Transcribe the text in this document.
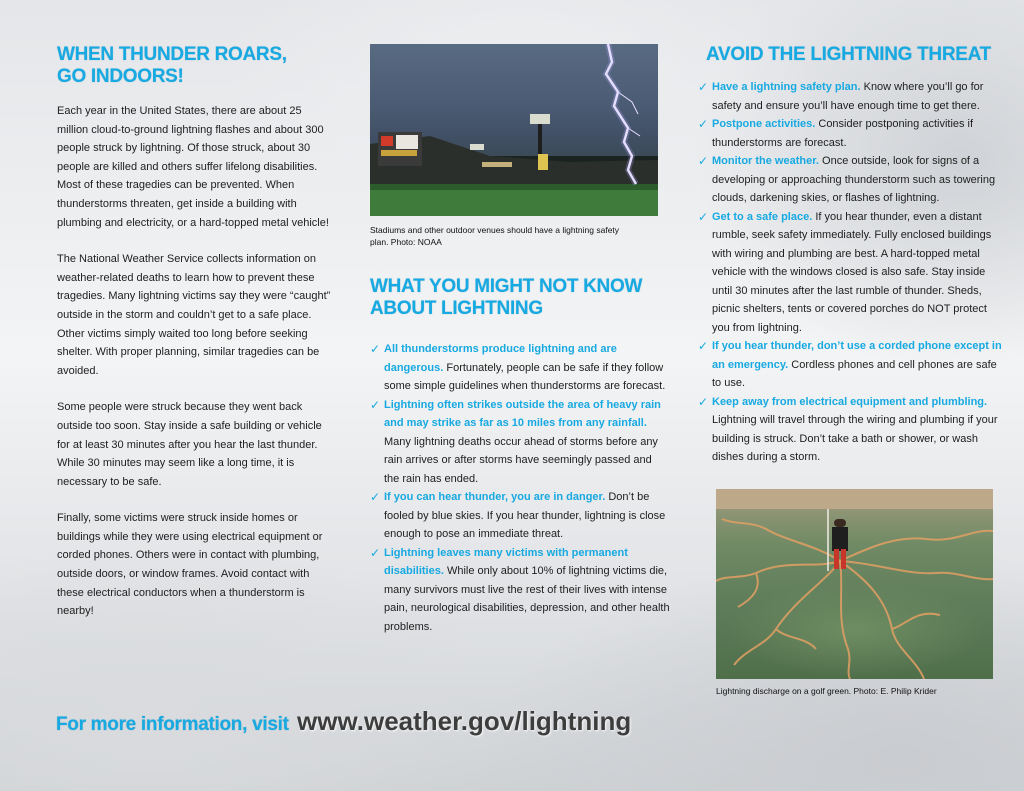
WHEN THUNDER ROARS,
GO INDOORS!

Each year in the United States, there are about 25 million cloud-to-ground lightning flashes and about 300 people struck by lightning. Of those struck, about 30 people are killed and others suffer lifelong disabilities. Most of these tragedies can be prevented. When thunderstorms threaten, get inside a building with plumbing and electricity, or a hard-topped metal vehicle!

The National Weather Service collects information on weather-related deaths to learn how to prevent these tragedies. Many lightning victims say they were “caught” outside in the storm and couldn’t get to a safe place. Other victims simply waited too long before seeking shelter. With proper planning, similar tragedies can be avoided.

Some people were struck because they went back outside too soon. Stay inside a safe building or vehicle for at least 30 minutes after you hear the last thunder. While 30 minutes may seem like a long time, it is necessary to be safe.

Finally, some victims were struck inside homes or buildings while they were using electrical equipment or corded phones. Others were in contact with plumbing, outside doors, or window frames. Avoid contact with these electrical conductors when a thunderstorm is nearby!

Stadiums and other outdoor venues should have a lightning safety plan. Photo: NOAA

WHAT YOU MIGHT NOT KNOW
ABOUT LIGHTNING
✓ All thunderstorms produce lightning and are dangerous. Fortunately, people can be safe if they follow some simple guidelines when thunderstorms are forecast.
✓ Lightning often strikes outside the area of heavy rain and may strike as far as 10 miles from any rainfall. Many lightning deaths occur ahead of storms before any rain arrives or after storms have seemingly passed and the rain has ended.
✓ If you can hear thunder, you are in danger. Don’t be fooled by blue skies. If you hear thunder, lightning is close enough to pose an immediate threat.
✓ Lightning leaves many victims with permanent disabilities. While only about 10% of lightning victims die, many survivors must live the rest of their lives with intense pain, neurological disabilities, depression, and other health problems.
AVOID THE LIGHTNING THREAT
✓ Have a lightning safety plan. Know where you’ll go for safety and ensure you’ll have enough time to get there.
✓ Postpone activities. Consider postponing activities if thunderstorms are forecast.
✓ Monitor the weather. Once outside, look for signs of a developing or approaching thunderstorm such as towering clouds, darkening skies, or flashes of lightning.
✓ Get to a safe place. If you hear thunder, even a distant rumble, seek safety immediately. Fully enclosed buildings with wiring and plumbing are best. A hard-topped metal vehicle with the windows closed is also safe. Stay inside until 30 minutes after the last rumble of thunder. Sheds, picnic shelters, tents or covered porches do NOT protect you from lightning.
✓ If you hear thunder, don’t use a corded phone except in an emergency. Cordless phones and cell phones are safe to use.
✓ Keep away from electrical equipment and plumbling. Lightning will travel through the wiring and plumbing if your building is struck. Don’t take a bath or shower, or wash dishes during a storm.

Lightning discharge on a golf green. Photo: E. Philip Krider

For more information, visit www.weather.gov/lightning
